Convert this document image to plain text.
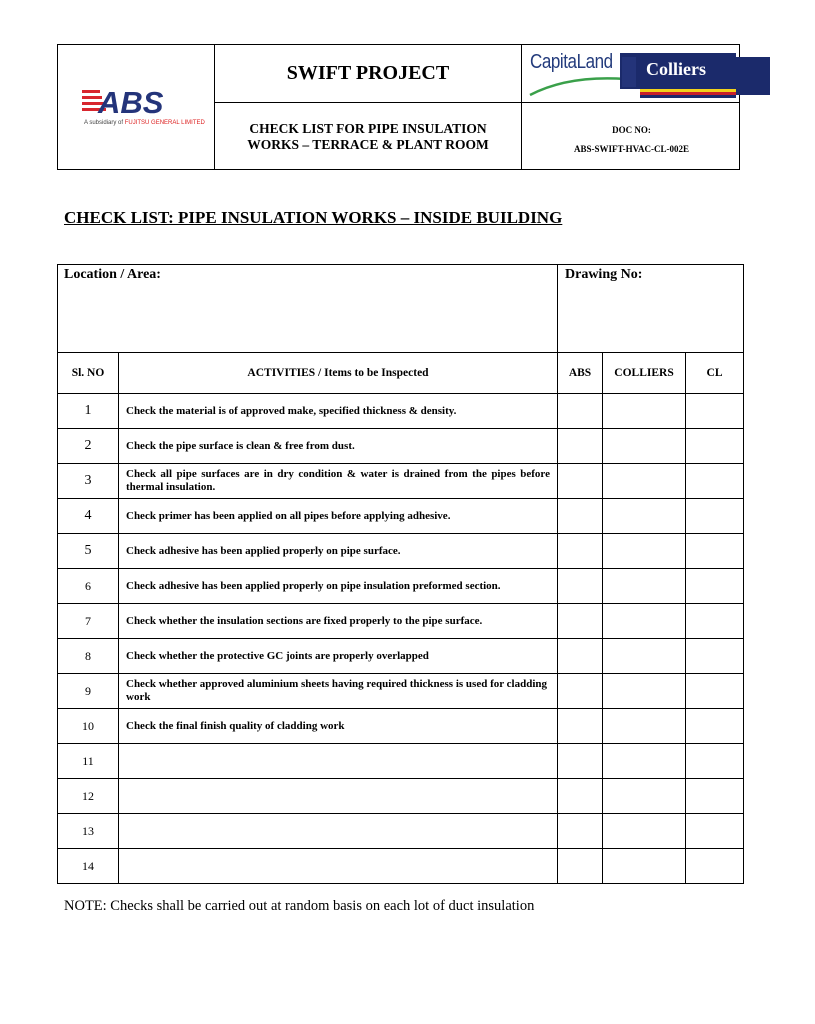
ABS
A subsidiary of FUJITSU GENERAL LIMITED
SWIFT PROJECT
CHECK LIST FOR PIPE INSULATION
WORKS – TERRACE & PLANT ROOM
CapitaLand Colliers	MENTS
DOC NO:
ABS-SWIFT-HVAC-CL-002E
CHECK LIST: PIPE INSULATION WORKS – INSIDE BUILDING
Location / Area:		Drawing No:		

Sl. NO	ACTIVITIES / Items to be Inspected	ABS	COLLIERS	CL
1	Check the material is of approved make, specified thickness & density.			
2	Check the pipe surface is clean & free from dust.			
3	Check all pipe surfaces are in dry condition & water is drained from the pipes before thermal insulation.			
4	Check primer has been applied on all pipes before applying adhesive.			
5	Check adhesive has been applied properly on pipe surface.			
6	Check adhesive has been applied properly on pipe insulation preformed section.			
7	Check whether the insulation sections are fixed properly to the pipe surface.			
8	Check whether the protective GC joints are properly overlapped			
9	Check whether approved aluminium sheets having required thickness is used for cladding work			
10	Check the final finish quality of cladding work			
11				
12				
13				
14				
NOTE: Checks shall be carried out at random basis on each lot of duct insulation
